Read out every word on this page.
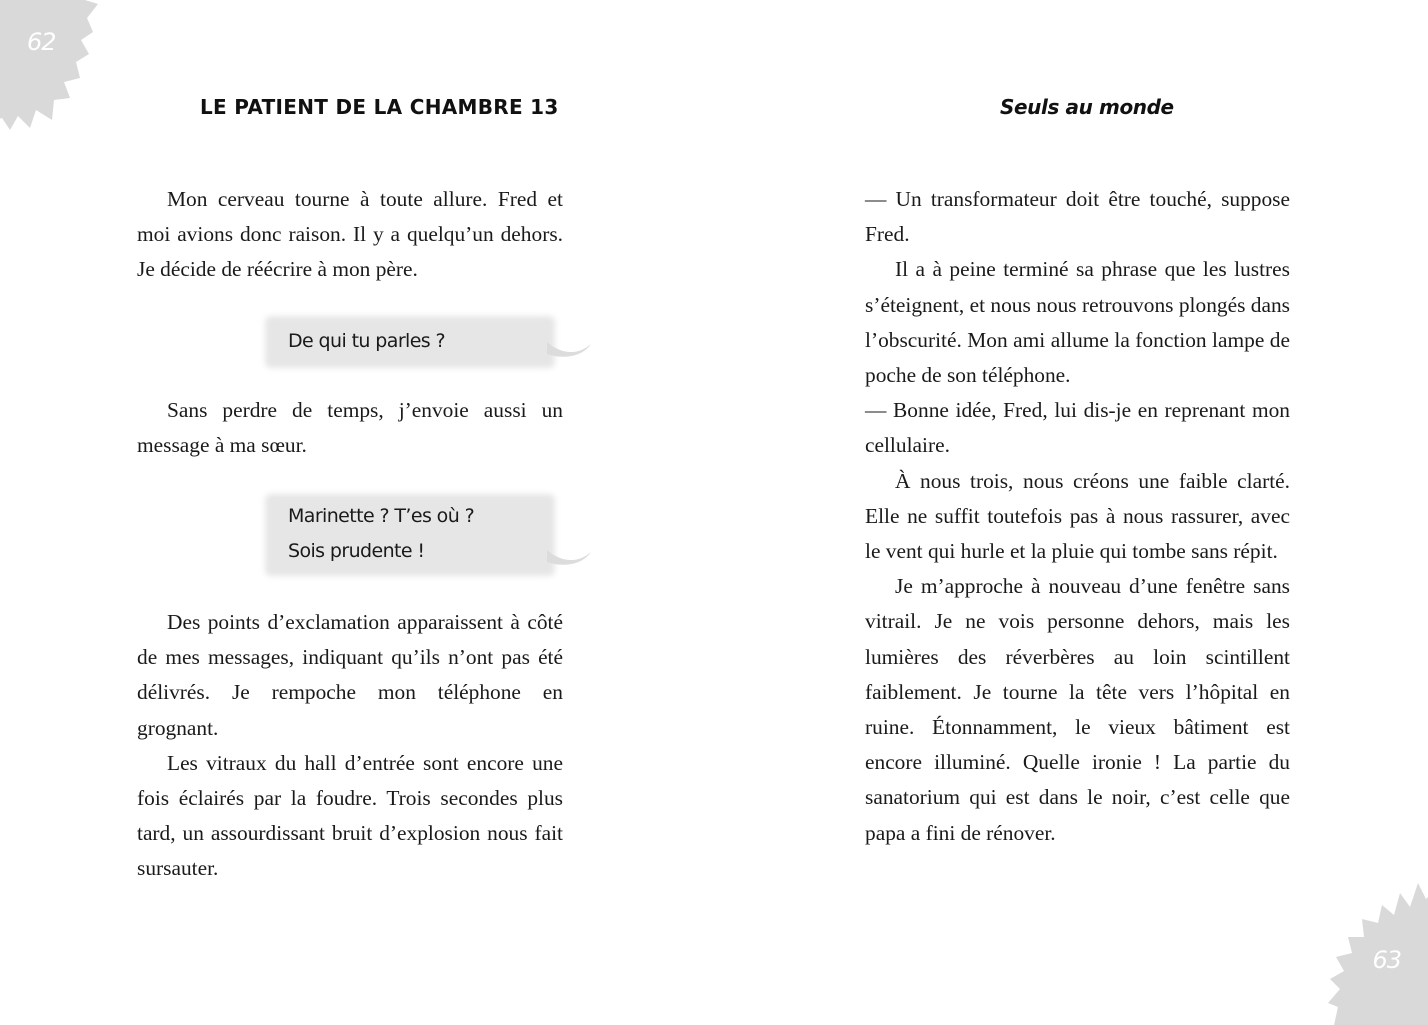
62
LE PATIENT DE LA CHAMBRE 13

Mon cerveau tourne à toute allure. Fred et moi avions donc raison. Il y a quelqu’un dehors. Je décide de réécrire à mon père.

De qui tu parles ?

Sans perdre de temps, j’envoie aussi un message à ma sœur.

Marinette ? T’es où ?
Sois prudente !

Des points d’exclamation apparaissent à côté de mes messages, indiquant qu’ils n’ont pas été délivrés. Je rempoche mon téléphone en grognant.

Les vitraux du hall d’entrée sont encore une fois éclairés par la foudre. Trois secondes plus tard, un assourdissant bruit d’explosion nous fait sursauter.

Seuls au monde

— Un transformateur doit être touché, suppose Fred.

Il a à peine terminé sa phrase que les lustres s’éteignent, et nous nous retrouvons plongés dans l’obscurité. Mon ami allume la fonction lampe de poche de son téléphone.

— Bonne idée, Fred, lui dis-je en reprenant mon cellulaire.

À nous trois, nous créons une faible clarté. Elle ne suffit toutefois pas à nous rassurer, avec le vent qui hurle et la pluie qui tombe sans répit.

Je m’approche à nouveau d’une fenêtre sans vitrail. Je ne vois personne dehors, mais les lumières des réverbères au loin scintillent faiblement. Je tourne la tête vers l’hôpital en ruine. Étonnamment, le vieux bâtiment est encore illuminé. Quelle ironie ! La partie du sanatorium qui est dans le noir, c’est celle que papa a fini de rénover.

63
